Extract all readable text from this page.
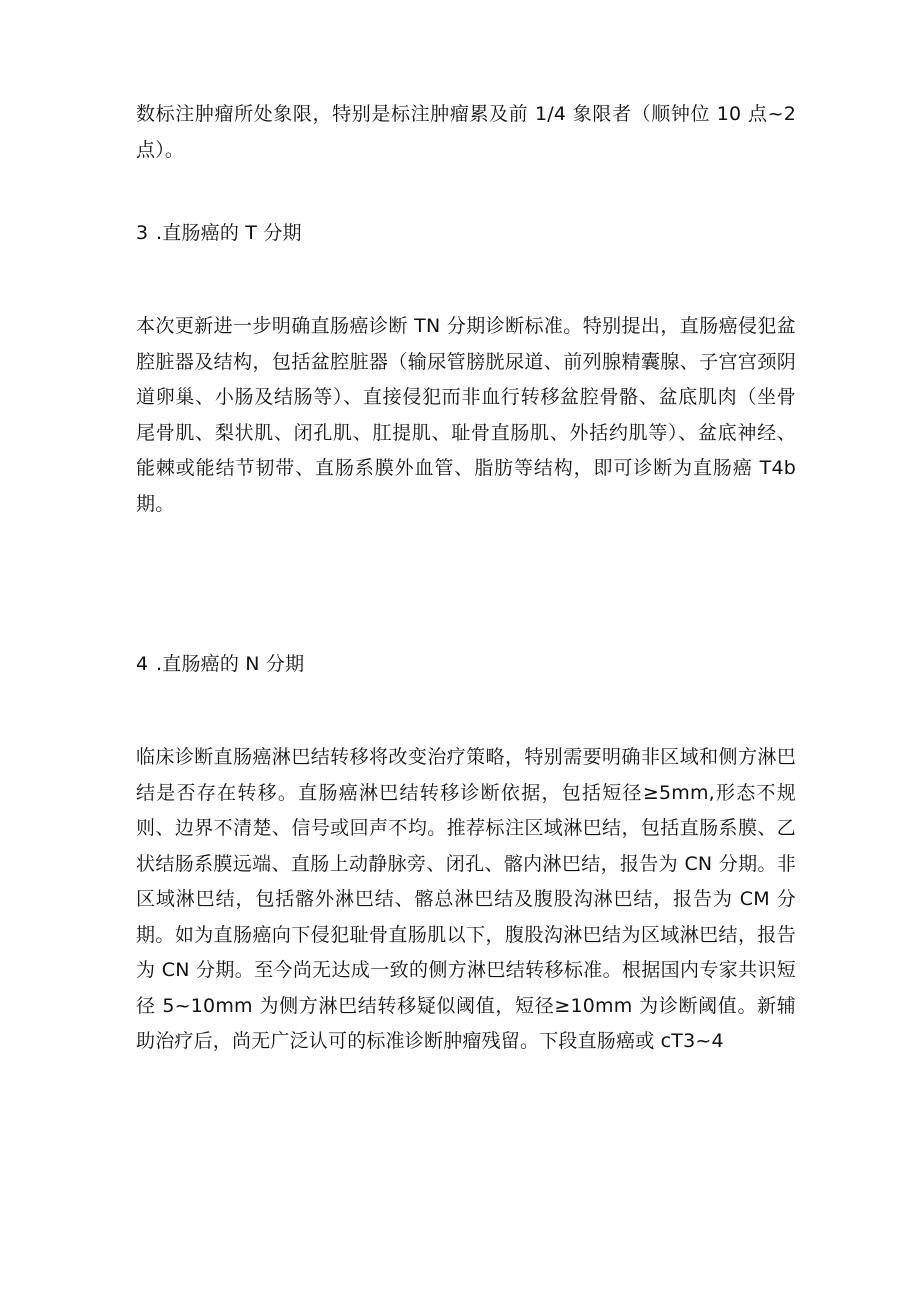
数标注肿瘤所处象限，特别是标注肿瘤累及前 1/4 象限者（顺钟位 10 点~2 点）。

3 .直肠癌的 T 分期

本次更新进一步明确直肠癌诊断 TN 分期诊断标准。特别提出，直肠癌侵犯盆腔脏器及结构，包括盆腔脏器（输尿管膀胱尿道、前列腺精囊腺、子宫宫颈阴道卵巢、小肠及结肠等）、直接侵犯而非血行转移盆腔骨骼、盆底肌肉（坐骨尾骨肌、梨状肌、闭孔肌、肛提肌、耻骨直肠肌、外括约肌等）、盆底神经、能棘或能结节韧带、直肠系膜外血管、脂肪等结构，即可诊断为直肠癌 T4b 期。

4 .直肠癌的 N 分期

临床诊断直肠癌淋巴结转移将改变治疗策略，特别需要明确非区域和侧方淋巴结是否存在转移。直肠癌淋巴结转移诊断依据，包括短径≥5mm,形态不规则、边界不清楚、信号或回声不均。推荐标注区域淋巴结，包括直肠系膜、乙状结肠系膜远端、直肠上动静脉旁、闭孔、髂内淋巴结，报告为 CN 分期。非区域淋巴结，包括髂外淋巴结、髂总淋巴结及腹股沟淋巴结，报告为 CM 分期。如为直肠癌向下侵犯耻骨直肠肌以下，腹股沟淋巴结为区域淋巴结，报告为 CN 分期。至今尚无达成一致的侧方淋巴结转移标准。根据国内专家共识短径 5~10mm 为侧方淋巴结转移疑似阈值，短径≥10mm 为诊断阈值。新辅助治疗后，尚无广泛认可的标准诊断肿瘤残留。下段直肠癌或 cT3~4
